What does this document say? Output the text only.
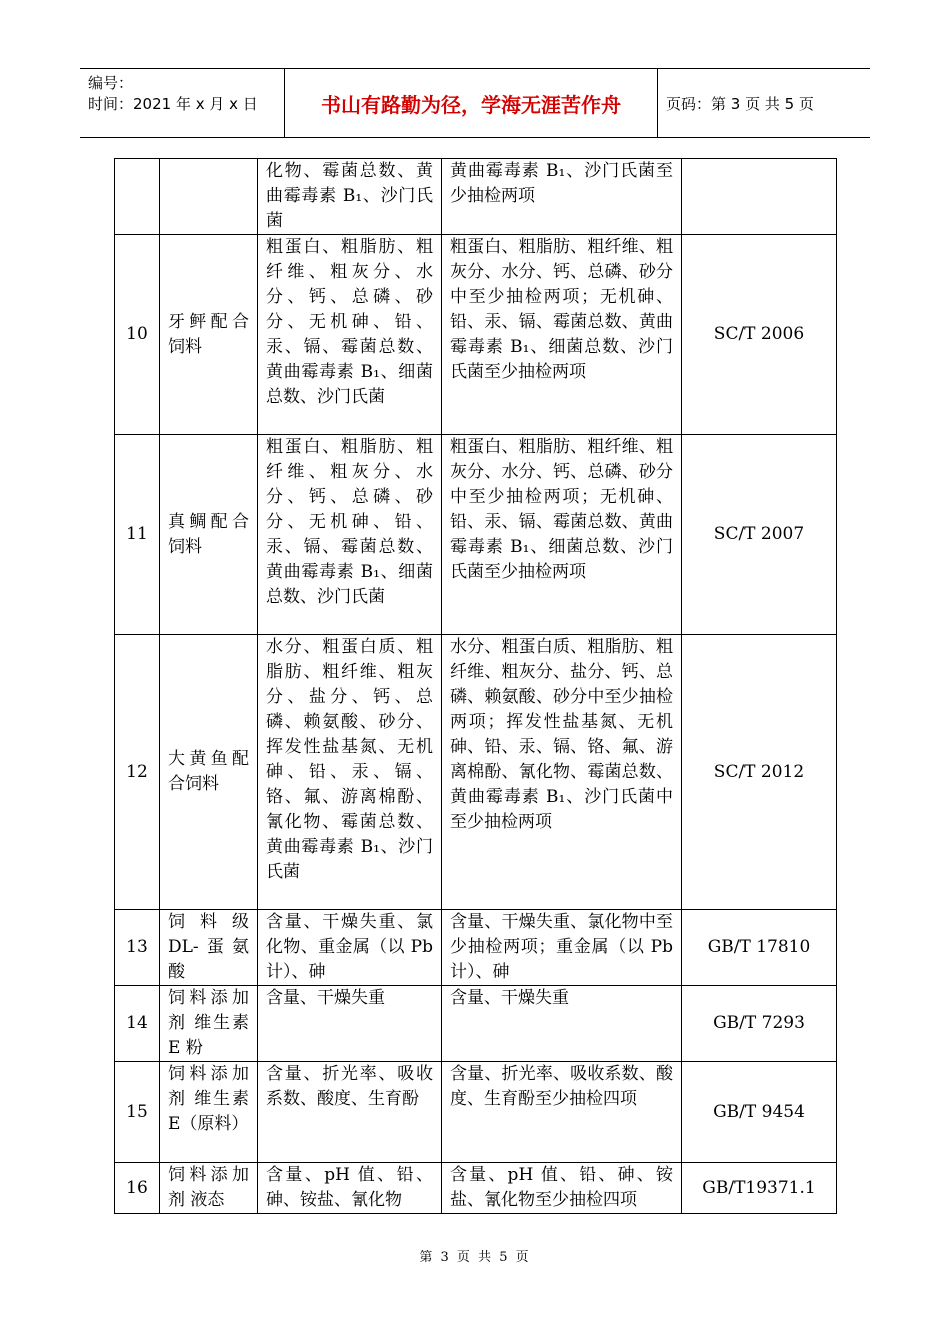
编号：
时间：2021 年 x 月 x 日	书山有路勤为径，学海无涯苦作舟	页码：第 3 页 共 5 页
		化物、霉菌总数、黄曲霉毒素 B₁、沙门氏菌	黄曲霉毒素 B₁、沙门氏菌至少抽检两项	
10	牙鲆配合饲料	粗蛋白、粗脂肪、粗纤维、粗灰分、水分、钙、总磷、砂分、无机砷、铅、汞、镉、霉菌总数、黄曲霉毒素 B₁、细菌总数、沙门氏菌	粗蛋白、粗脂肪、粗纤维、粗灰分、水分、钙、总磷、砂分中至少抽检两项；无机砷、铅、汞、镉、霉菌总数、黄曲霉毒素 B₁、细菌总数、沙门氏菌至少抽检两项	SC/T 2006
11	真鲷配合饲料	粗蛋白、粗脂肪、粗纤维、粗灰分、水分、钙、总磷、砂分、无机砷、铅、汞、镉、霉菌总数、黄曲霉毒素 B₁、细菌总数、沙门氏菌	粗蛋白、粗脂肪、粗纤维、粗灰分、水分、钙、总磷、砂分中至少抽检两项；无机砷、铅、汞、镉、霉菌总数、黄曲霉毒素 B₁、细菌总数、沙门氏菌至少抽检两项	SC/T 2007
12	大黄鱼配合饲料	水分、粗蛋白质、粗脂肪、粗纤维、粗灰分、盐分、钙、总磷、赖氨酸、砂分、挥发性盐基氮、无机砷、铅、汞、镉、铬、氟、游离棉酚、氰化物、霉菌总数、黄曲霉毒素 B₁、沙门氏菌	水分、粗蛋白质、粗脂肪、粗纤维、粗灰分、盐分、钙、总磷、赖氨酸、砂分中至少抽检两项；挥发性盐基氮、无机砷、铅、汞、镉、铬、氟、游离棉酚、氰化物、霉菌总数、黄曲霉毒素 B₁、沙门氏菌中至少抽检两项	SC/T 2012
13	饲料级 DL-蛋氨酸	含量、干燥失重、氯化物、重金属（以 Pb 计）、砷	含量、干燥失重、氯化物中至少抽检两项；重金属（以 Pb 计）、砷	GB/T 17810
14	饲料添加剂 维生素 E 粉	含量、干燥失重	含量、干燥失重	GB/T 7293
15	饲料添加剂 维生素 E（原料）	含量、折光率、吸收系数、酸度、生育酚	含量、折光率、吸收系数、酸度、生育酚至少抽检四项	GB/T 9454
16	饲料添加剂 液态	含量、pH 值、铅、砷、铵盐、氰化物	含量、pH 值、铅、砷、铵盐、氰化物至少抽检四项	GB/T19371.1
第 3 页 共 5 页
